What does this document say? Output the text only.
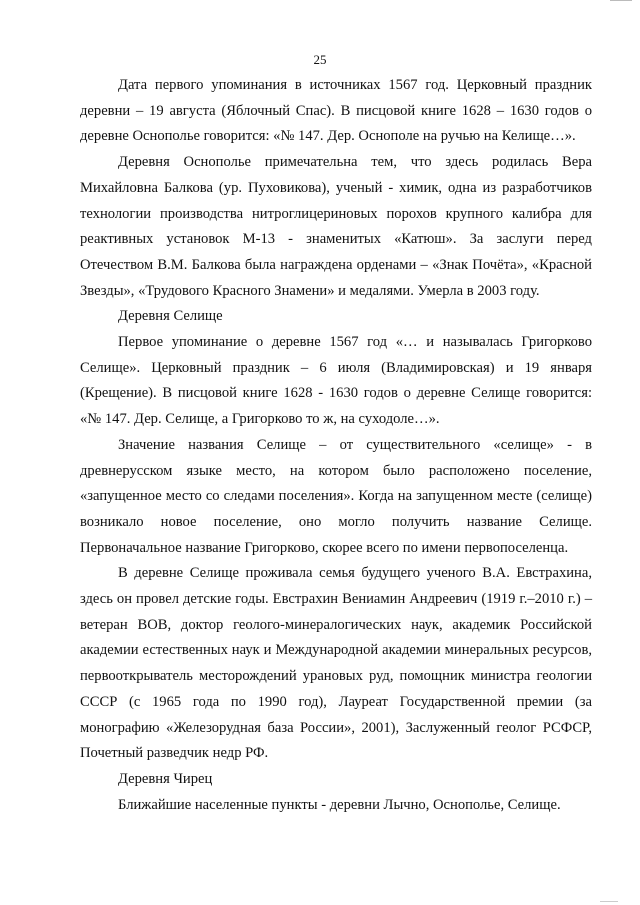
25

Дата первого упоминания в источниках 1567 год. Церковный праздник деревни – 19 августа (Яблочный Спас). В писцовой книге 1628 – 1630 годов о деревне Оснополье говорится: «№ 147. Дер. Оснополе на ручью на Келище…».

Деревня Оснополье примечательна тем, что здесь родилась Вера Михайловна Балкова (ур. Пуховикова), ученый - химик, одна из разработчиков технологии производства нитроглицериновых порохов крупного калибра для реактивных установок М-13 - знаменитых «Катюш». За заслуги перед Отечеством В.М. Балкова была награждена орденами – «Знак Почёта», «Красной Звезды», «Трудового Красного Знамени» и медалями. Умерла в 2003 году.

Деревня Селище

Первое упоминание о деревне 1567 год «… и называлась Григорково Селище». Церковный праздник – 6 июля (Владимировская) и 19 января (Крещение). В писцовой книге 1628 - 1630 годов о деревне Селище говорится: «№ 147. Дер. Селище, а Григорково то ж, на суходоле…».

Значение названия Селище – от существительного «селище» - в древнерусском языке место, на котором было расположено поселение, «запущенное место со следами поселения». Когда на запущенном месте (селище) возникало новое поселение, оно могло получить название Селище. Первоначальное название Григорково, скорее всего по имени первопоселенца.

В деревне Селище проживала семья будущего ученого В.А. Евстрахина, здесь он провел детские годы. Евстрахин Вениамин Андреевич (1919 г.–2010 г.) – ветеран ВОВ, доктор геолого-минералогических наук, академик Российской академии естественных наук и Международной академии минеральных ресурсов, первооткрыватель месторождений урановых руд, помощник министра геологии СССР (с 1965 года по 1990 год), Лауреат Государственной премии (за монографию «Железорудная база России», 2001), Заслуженный геолог РСФСР, Почетный разведчик недр РФ.

Деревня Чирец

Ближайшие населенные пункты - деревни Лычно, Оснополье, Селище.
